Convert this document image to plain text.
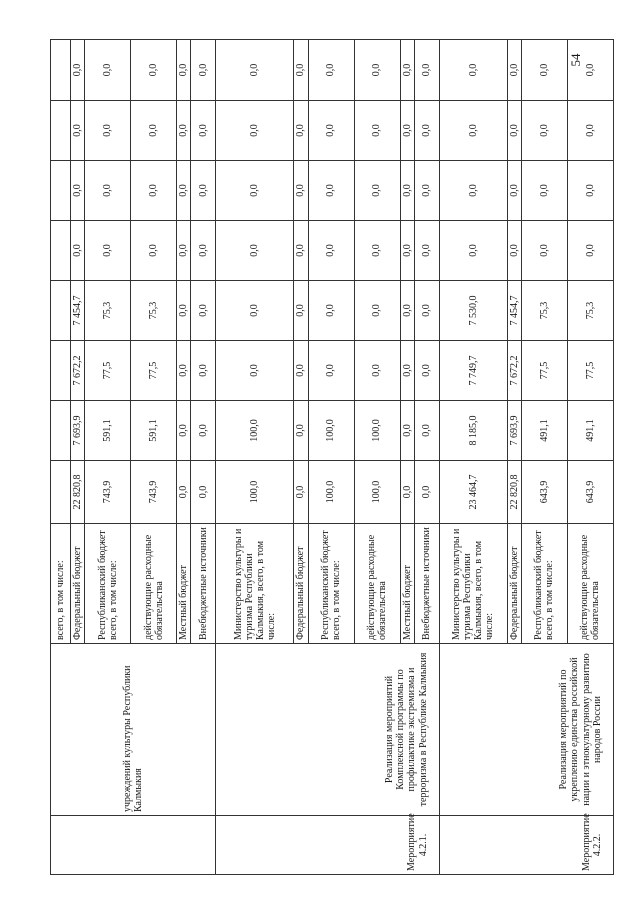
54
	учреждений культуры Республики Калмыкия	всего, в том числе:								
		Федеральный бюджет	22 820,8	7 693,9	7 672,2	7 454,7	0,0	0,0	0,0	0,0
		Республиканский бюджет всего, в том числе:	743,9	591,1	77,5	75,3	0,0	0,0	0,0	0,0
		действующие расходные обязательства	743,9	591,1	77,5	75,3	0,0	0,0	0,0	0,0
		Местный бюджет	0,0	0,0	0,0	0,0	0,0	0,0	0,0	0,0
		Внебюджетные источники	0,0	0,0	0,0	0,0	0,0	0,0	0,0	0,0
Мероприятие 4.2.1.	Реализация мероприятий Комплексной программы по профилактике экстремизма и терроризма в Республике Калмыкия	Министерство культуры и туризма Республики Калмыкия, всего, в том числе:	100,0	100,0	0,0	0,0	0,0	0,0	0,0	0,0
		Федеральный бюджет	0,0	0,0	0,0	0,0	0,0	0,0	0,0	0,0
		Республиканский бюджет всего, в том числе:	100,0	100,0	0,0	0,0	0,0	0,0	0,0	0,0
		действующие расходные обязательства	100,0	100,0	0,0	0,0	0,0	0,0	0,0	0,0
		Местный бюджет	0,0	0,0	0,0	0,0	0,0	0,0	0,0	0,0
		Внебюджетные источники	0,0	0,0	0,0	0,0	0,0	0,0	0,0	0,0
Мероприятие 4.2.2.	Реализация мероприятий по укреплению единства российской нации и этнокультурному развитию народов России	Министерство культуры и туризма Республики Калмыкия, всего, в том числе:	23 464,7	8 185,0	7 749,7	7 530,0	0,0	0,0	0,0	0,0
		Федеральный бюджет	22 820,8	7 693,9	7 672,2	7 454,7	0,0	0,0	0,0	0,0
		Республиканский бюджет всего, в том числе:	643,9	491,1	77,5	75,3	0,0	0,0	0,0	0,0
		действующие расходные обязательства	643,9	491,1	77,5	75,3	0,0	0,0	0,0	0,0
